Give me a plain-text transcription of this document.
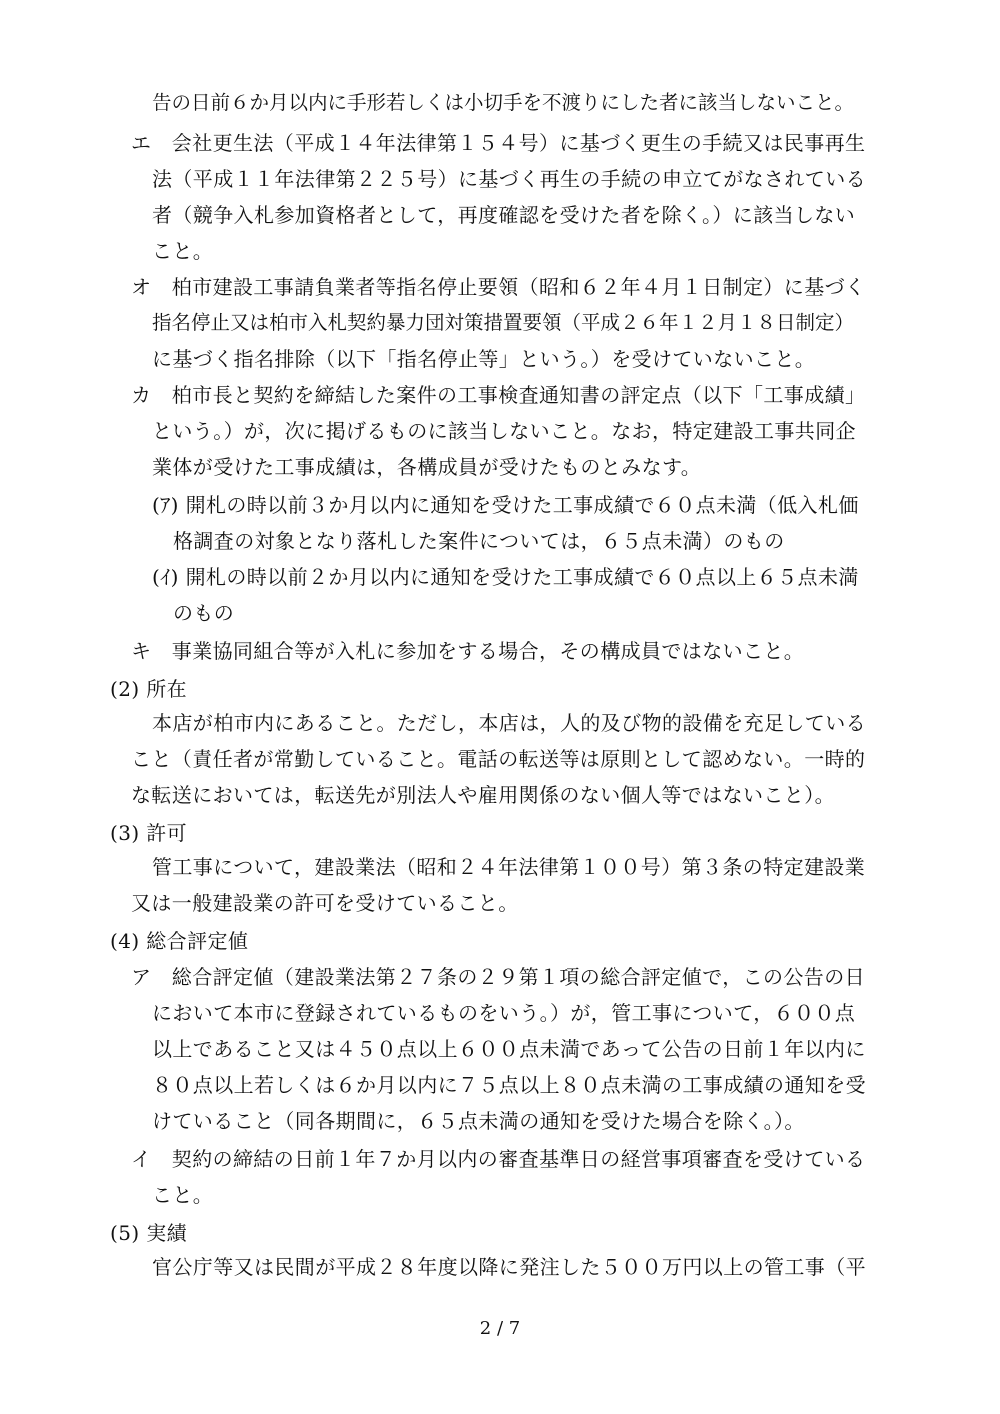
告の日前６か月以内に手形若しくは小切手を不渡りにした者に該当しないこと。
エ　会社更生法（平成１４年法律第１５４号）に基づく更生の手続又は民事再生
法（平成１１年法律第２２５号）に基づく再生の手続の申立てがなされている
者（競争入札参加資格者として，再度確認を受けた者を除く。）に該当しない
こと。
オ　柏市建設工事請負業者等指名停止要領（昭和６２年４月１日制定）に基づく
指名停止又は柏市入札契約暴力団対策措置要領（平成２６年１２月１８日制定）
に基づく指名排除（以下「指名停止等」という。）を受けていないこと。
カ　柏市長と契約を締結した案件の工事検査通知書の評定点（以下「工事成績」
という。）が，次に掲げるものに該当しないこと。なお，特定建設工事共同企
業体が受けた工事成績は，各構成員が受けたものとみなす。
(ｱ) 開札の時以前３か月以内に通知を受けた工事成績で６０点未満（低入札価
格調査の対象となり落札した案件については，６５点未満）のもの
(ｲ) 開札の時以前２か月以内に通知を受けた工事成績で６０点以上６５点未満
のもの
キ　事業協同組合等が入札に参加をする場合，その構成員ではないこと。
(2) 所在
本店が柏市内にあること。ただし，本店は，人的及び物的設備を充足している
こと（責任者が常勤していること。電話の転送等は原則として認めない。一時的
な転送においては，転送先が別法人や雇用関係のない個人等ではないこと）。
(3) 許可
管工事について，建設業法（昭和２４年法律第１００号）第３条の特定建設業
又は一般建設業の許可を受けていること。
(4) 総合評定値
ア　総合評定値（建設業法第２７条の２９第１項の総合評定値で，この公告の日
において本市に登録されているものをいう。）が，管工事について，６００点
以上であること又は４５０点以上６００点未満であって公告の日前１年以内に
８０点以上若しくは６か月以内に７５点以上８０点未満の工事成績の通知を受
けていること（同各期間に，６５点未満の通知を受けた場合を除く。）。
イ　契約の締結の日前１年７か月以内の審査基準日の経営事項審査を受けている
こと。
(5) 実績
官公庁等又は民間が平成２８年度以降に発注した５００万円以上の管工事（平
2 / 7
